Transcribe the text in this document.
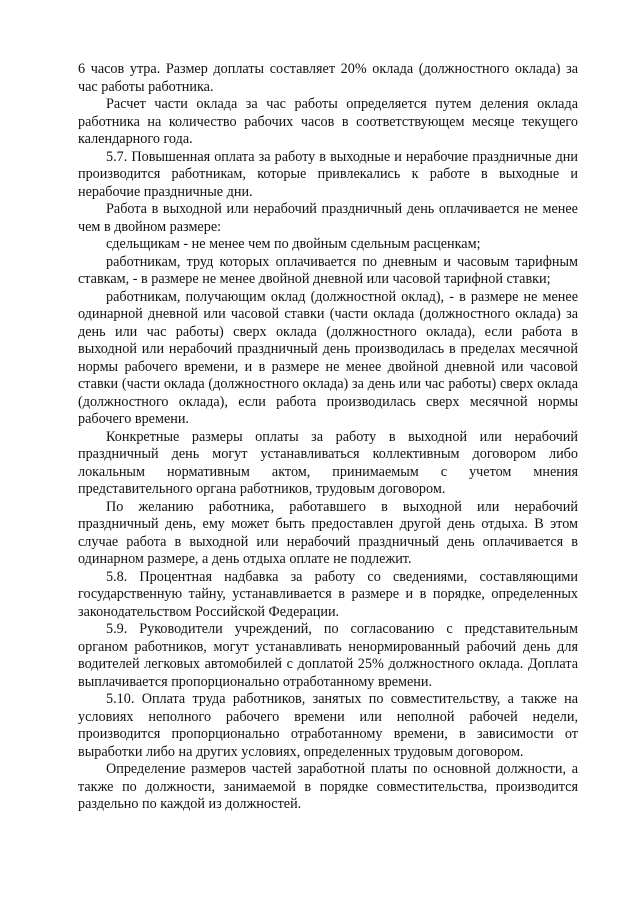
6 часов утра. Размер доплаты составляет 20% оклада (должностного оклада) за час работы работника.

Расчет части оклада за час работы определяется путем деления оклада работника на количество рабочих часов в соответствующем месяце текущего календарного года.

5.7. Повышенная оплата за работу в выходные и нерабочие праздничные дни производится работникам, которые привлекались к работе в выходные и нерабочие праздничные дни.

Работа в выходной или нерабочий праздничный день оплачивается не менее чем в двойном размере:

сдельщикам - не менее чем по двойным сдельным расценкам;

работникам, труд которых оплачивается по дневным и часовым тарифным ставкам, - в размере не менее двойной дневной или часовой тарифной ставки;

работникам, получающим оклад (должностной оклад), - в размере не менее одинарной дневной или часовой ставки (части оклада (должностного оклада) за день или час работы) сверх оклада (должностного оклада), если работа в выходной или нерабочий праздничный день производилась в пределах месячной нормы рабочего времени, и в размере не менее двойной дневной или часовой ставки (части оклада (должностного оклада) за день или час работы) сверх оклада (должностного оклада), если работа производилась сверх месячной нормы рабочего времени.

Конкретные размеры оплаты за работу в выходной или нерабочий праздничный день могут устанавливаться коллективным договором либо локальным нормативным актом, принимаемым с учетом мнения представительного органа работников, трудовым договором.

По желанию работника, работавшего в выходной или нерабочий праздничный день, ему может быть предоставлен другой день отдыха. В этом случае работа в выходной или нерабочий праздничный день оплачивается в одинарном размере, а день отдыха оплате не подлежит.

5.8. Процентная надбавка за работу со сведениями, составляющими государственную тайну, устанавливается в размере и в порядке, определенных законодательством Российской Федерации.

5.9. Руководители учреждений, по согласованию с представительным органом работников, могут устанавливать ненормированный рабочий день для водителей легковых автомобилей с доплатой 25% должностного оклада. Доплата выплачивается пропорционально отработанному времени.

5.10. Оплата труда работников, занятых по совместительству, а также на условиях неполного рабочего времени или неполной рабочей недели, производится пропорционально отработанному времени, в зависимости от выработки либо на других условиях, определенных трудовым договором.

Определение размеров частей заработной платы по основной должности, а также по должности, занимаемой в порядке совместительства, производится раздельно по каждой из должностей.
